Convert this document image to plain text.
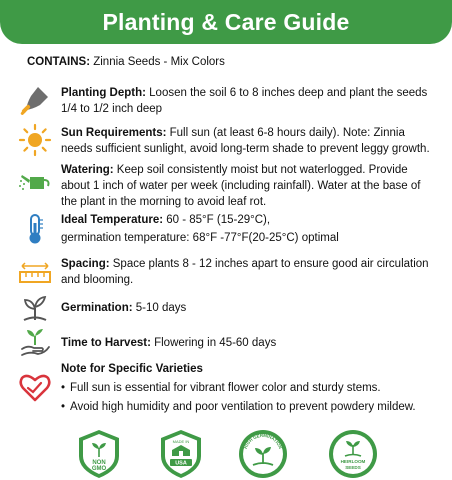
Planting & Care Guide
CONTAINS: Zinnia Seeds - Mix Colors
Planting Depth: Loosen the soil 6 to 8 inches deep and plant the seeds 1/4 to 1/2 inch deep
Sun Requirements: Full sun (at least 6-8 hours daily). Note: Zinnia needs sufficient sunlight, avoid long-term shade to prevent leggy growth.
Watering: Keep soil consistently moist but not waterlogged. Provide about 1 inch of water per week (including rainfall). Water at the base of the plant in the morning to avoid leaf rot.
Ideal Temperature: 60 - 85°F (15-29°C),
germination temperature: 68°F -77°F(20-25°C) optimal
Spacing: Space plants 8 - 12 inches apart to ensure good air circulation and blooming.
Germination: 5-10 days
Time to Harvest: Flowering in 45-60 days
Note for Specific Varieties
• Full sun is essential for vibrant flower color and sturdy stems.
• Avoid high humidity and poor ventilation to prevent powdery mildew.
NON
GMO
MADE IN
USA
HIGH GERMINATION
HEIRLOOM
SEEDS
